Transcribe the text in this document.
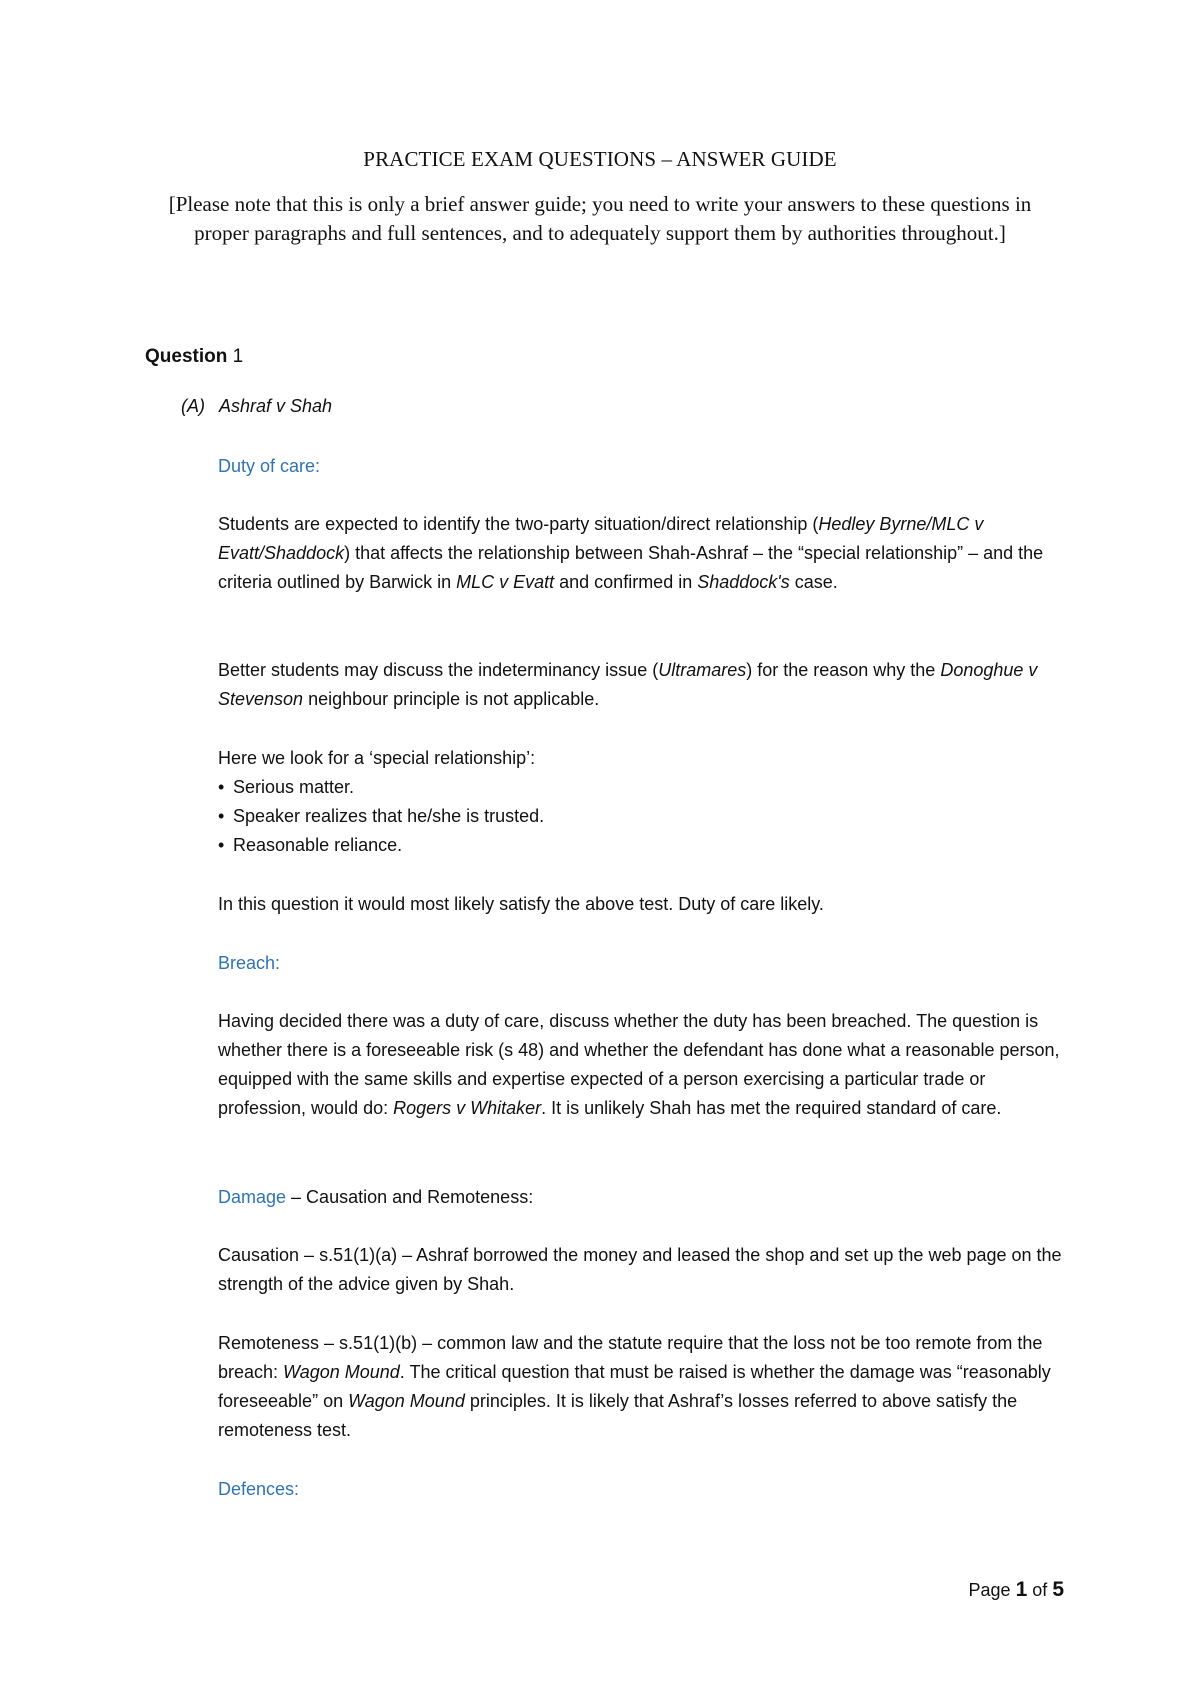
PRACTICE EXAM QUESTIONS – ANSWER GUIDE
[Please note that this is only a brief answer guide; you need to write your answers to these questions in proper paragraphs and full sentences, and to adequately support them by authorities throughout.]
Question 1
(A) Ashraf v Shah

Duty of care:

Students are expected to identify the two-party situation/direct relationship (Hedley Byrne/MLC v Evatt/Shaddock) that affects the relationship between Shah-Ashraf – the “special relationship” – and the criteria outlined by Barwick in MLC v Evatt and confirmed in Shaddock's case.

Better students may discuss the indeterminancy issue (Ultramares) for the reason why the Donoghue v Stevenson neighbour principle is not applicable.

Here we look for a ‘special relationship’:

• Serious matter.
• Speaker realizes that he/she is trusted.
• Reasonable reliance.

In this question it would most likely satisfy the above test. Duty of care likely.

Breach:

Having decided there was a duty of care, discuss whether the duty has been breached. The question is whether there is a foreseeable risk (s 48) and whether the defendant has done what a reasonable person, equipped with the same skills and expertise expected of a person exercising a particular trade or profession, would do: Rogers v Whitaker. It is unlikely Shah has met the required standard of care.

Damage – Causation and Remoteness:

Causation – s.51(1)(a) – Ashraf borrowed the money and leased the shop and set up the web page on the strength of the advice given by Shah.

Remoteness – s.51(1)(b) – common law and the statute require that the loss not be too remote from the breach: Wagon Mound. The critical question that must be raised is whether the damage was “reasonably foreseeable” on Wagon Mound principles. It is likely that Ashraf’s losses referred to above satisfy the remoteness test.

Defences:

Page 1 of 5
